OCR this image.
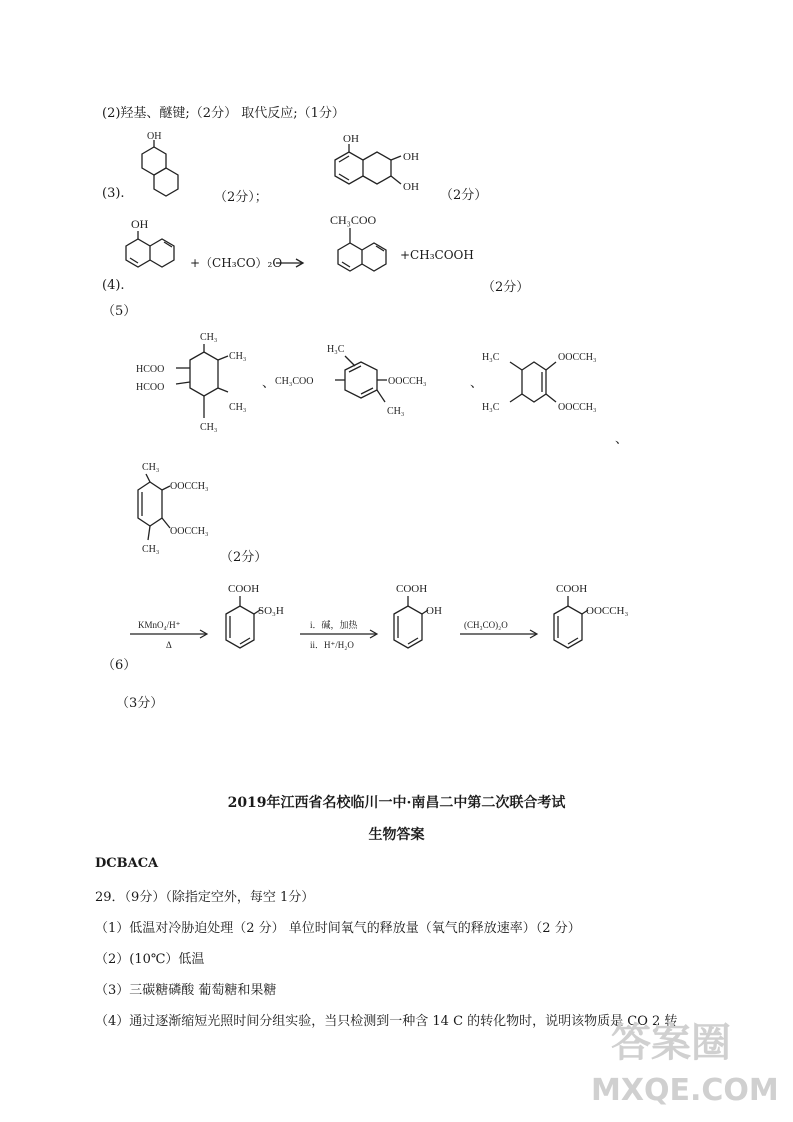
(2)羟基、醚键;（2分） 取代反应;（1分）
(3).
OH
（2分）；
OH
OH
OH
（2分）
OH
+（CH₃CO）₂O
CH₃COO
+CH₃COOH
(4).	（2分）
（5）
CH₃
CH₃
CH₃
CH₃
HCOO
HCOO	、
H₃C
CH₃COO	OOCCH₃
CH₃
、
H₃C
H₃C
OOCCH₃
OOCCH₃
、
CH₃
OOCCH₃
OOCCH₃
CH₃
（2分）
KMnO₄/H⁺
Δ
COOH
SO₃H
i．碱，加热
ii．H⁺/H₂O
COOH
OH
(CH₃CO)₂O
COOH
OOCCH₃
（6）
（3分）
2019年江西省名校临川一中·南昌二中第二次联合考试
生物答案
DCBACA
29．（9分）（除指定空外，每空 1分）
（1）低温对冷胁迫处理（2 分） 单位时间氧气的释放量（氧气的释放速率）（2 分）
（2）(10℃）低温
（3）三碳糖磷酸 葡萄糖和果糖
（4）通过逐渐缩短光照时间分组实验，当只检测到一种含 14 C 的转化物时，说明该物质是 CO 2 转
答案圈
MXQE.COM
